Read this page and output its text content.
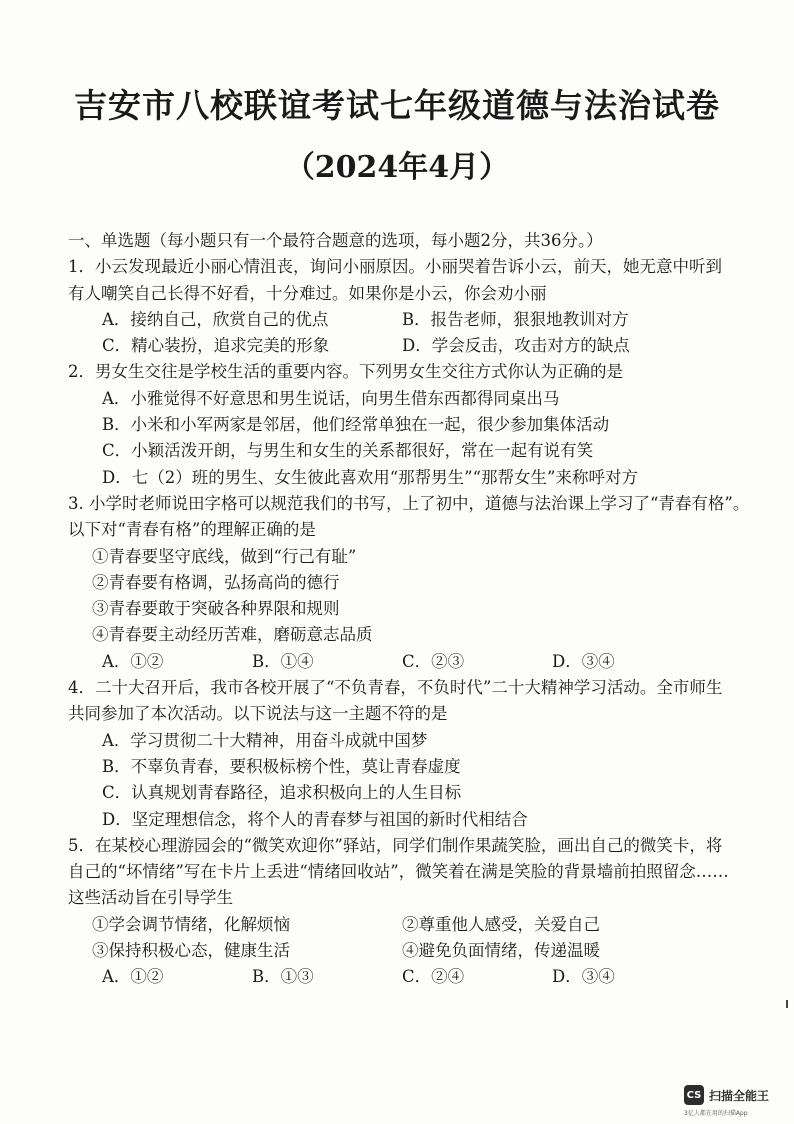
吉安市八校联谊考试七年级道德与法治试卷
（2024年4月）
一、单选题（每小题只有一个最符合题意的选项，每小题2分，共36分。）
1．小云发现最近小丽心情沮丧，询问小丽原因。小丽哭着告诉小云，前天，她无意中听到
有人嘲笑自己长得不好看，十分难过。如果你是小云，你会劝小丽
A．接纳自己，欣赏自己的优点	B．报告老师，狠狠地教训对方
C．精心装扮，追求完美的形象	D．学会反击，攻击对方的缺点
2．男女生交往是学校生活的重要内容。下列男女生交往方式你认为正确的是
A．小雅觉得不好意思和男生说话，向男生借东西都得同桌出马
B．小米和小军两家是邻居，他们经常单独在一起，很少参加集体活动
C．小颖活泼开朗，与男生和女生的关系都很好，常在一起有说有笑
D．七（2）班的男生、女生彼此喜欢用“那帮男生”“那帮女生”来称呼对方
3. 小学时老师说田字格可以规范我们的书写，上了初中，道德与法治课上学习了“青春有格”。
以下对“青春有格”的理解正确的是
①青春要坚守底线，做到“行己有耻”
②青春要有格调，弘扬高尚的德行
③青春要敢于突破各种界限和规则
④青春要主动经历苦难，磨砺意志品质
A．①②	B．①④	C．②③	D．③④
4．二十大召开后，我市各校开展了“不负青春，不负时代”二十大精神学习活动。全市师生
共同参加了本次活动。以下说法与这一主题不符的是
A．学习贯彻二十大精神，用奋斗成就中国梦
B．不辜负青春，要积极标榜个性，莫让青春虚度
C．认真规划青春路径，追求积极向上的人生目标
D．坚定理想信念，将个人的青春梦与祖国的新时代相结合
5．在某校心理游园会的“微笑欢迎你”驿站，同学们制作果蔬笑脸，画出自己的微笑卡，将
自己的“坏情绪”写在卡片上丢进“情绪回收站”，微笑着在满是笑脸的背景墙前拍照留念……
这些活动旨在引导学生
①学会调节情绪，化解烦恼	②尊重他人感受，关爱自己
③保持积极心态，健康生活	④避免负面情绪，传递温暖
A．①②	B．①③	C．②④	D．③④
CS 扫描全能王
3亿人都在用的扫描App
